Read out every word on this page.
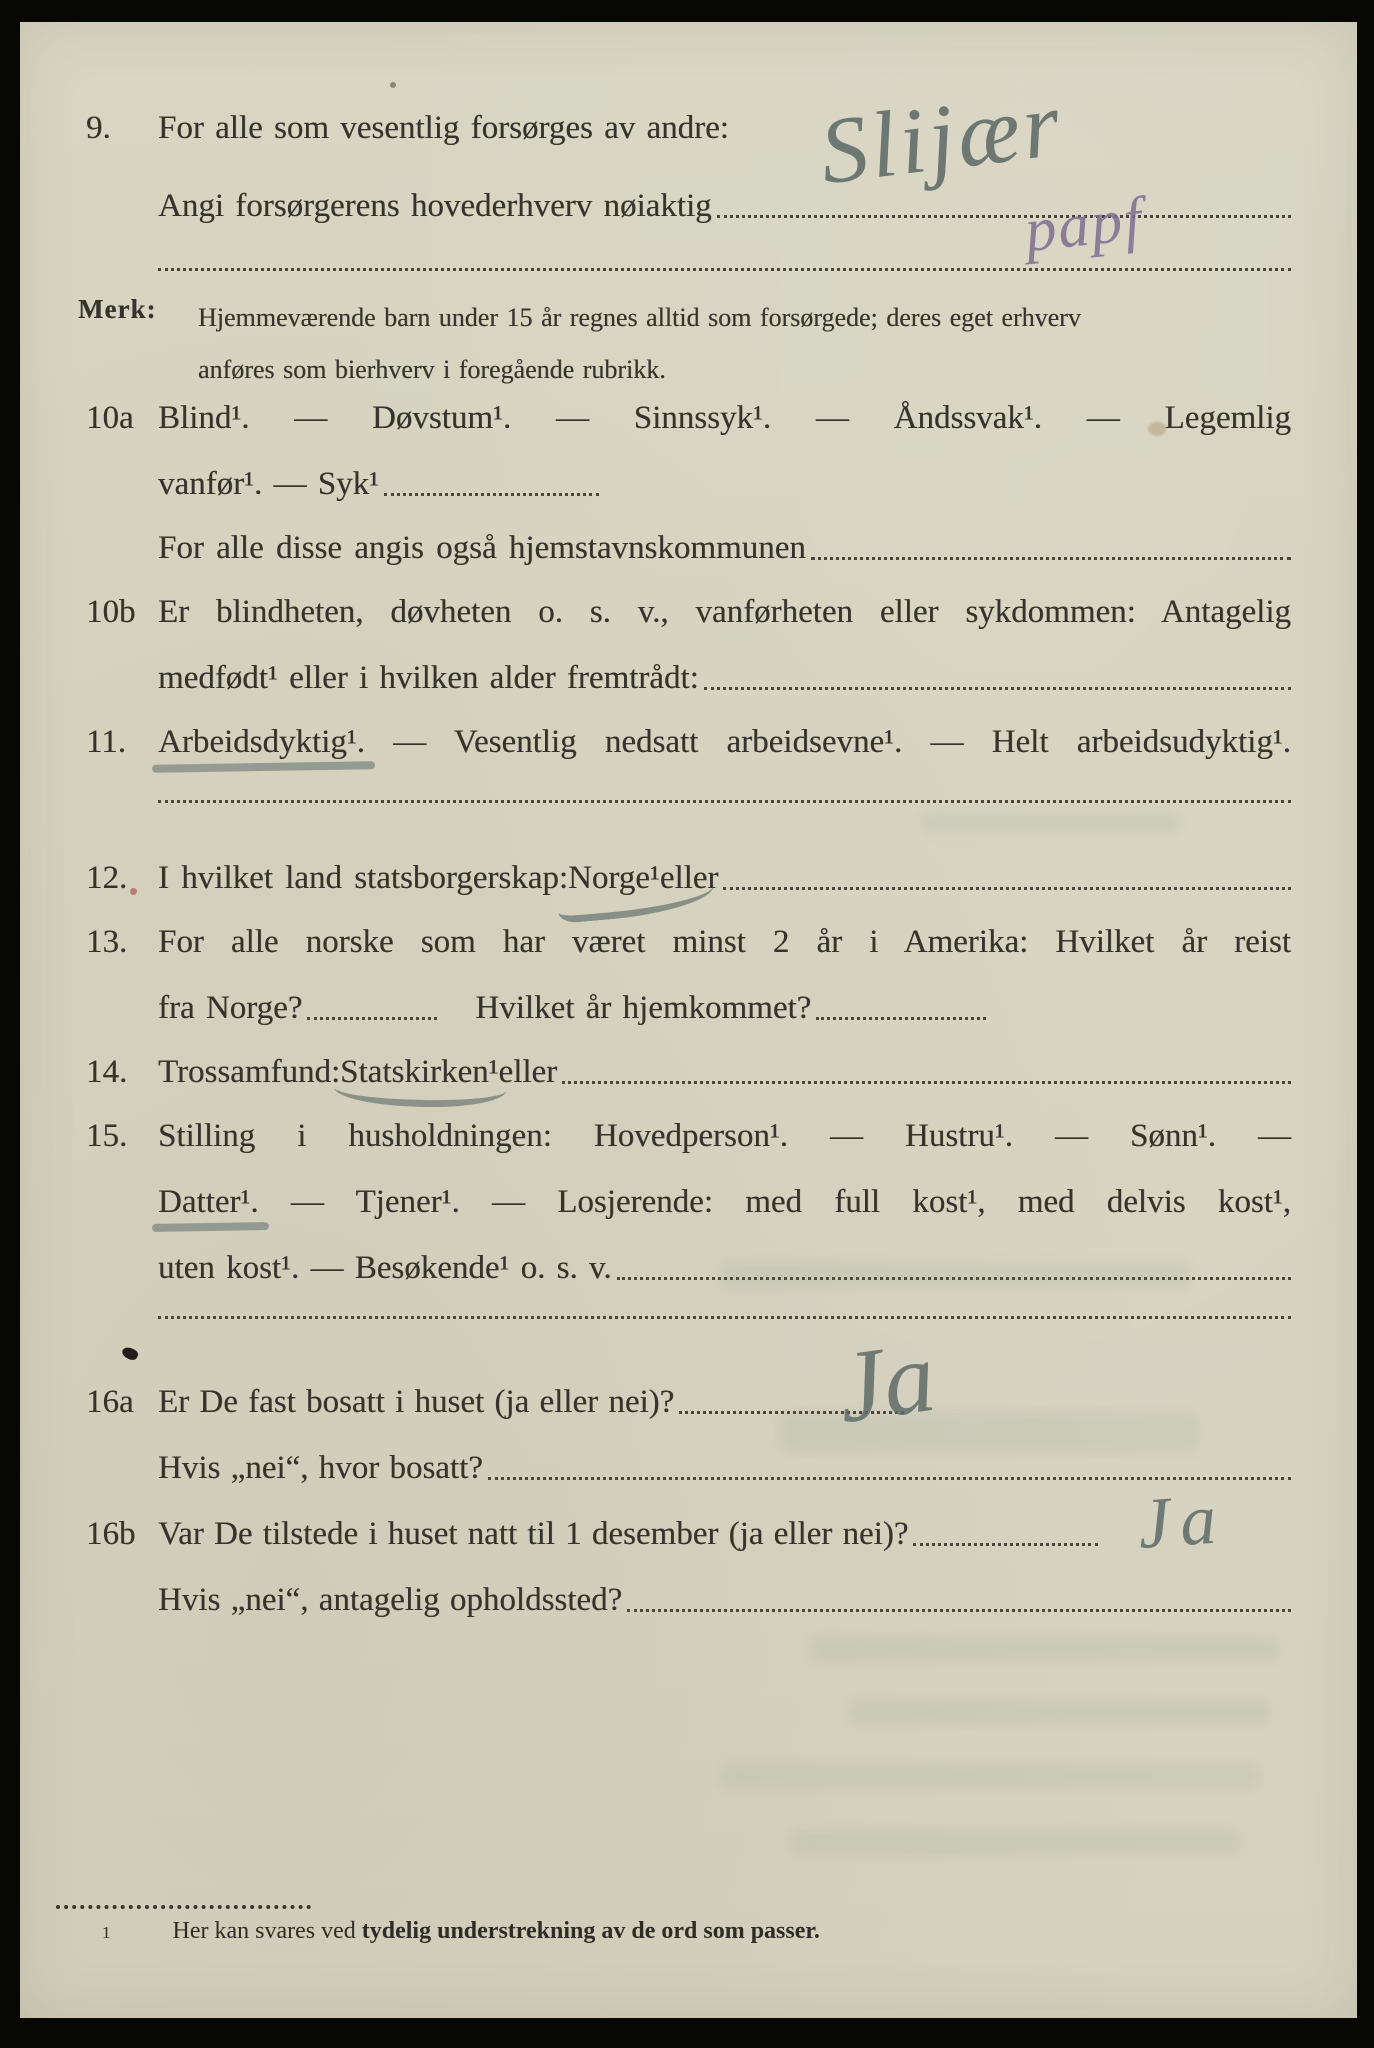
9. For alle som vesentlig forsørges av andre:
Angi forsørgerens hovederhverv nøiaktig
Merk: Hjemmeværende barn under 15 år regnes alltid som forsørgede; deres eget erhverv
anføres som bierhverv i foregående rubrikk.
10a Blind¹. — Døvstum¹. — Sinnssyk¹. — Åndssvak¹. — Legemlig
vanfør¹. — Syk¹
For alle disse angis også hjemstavnskommunen
10b Er blindheten, døvheten o. s. v., vanførheten eller sykdommen: Antagelig
medfødt¹ eller i hvilken alder fremtrådt:
11. Arbeidsdyktig¹. — Vesentlig nedsatt arbeidsevne¹. — Helt arbeidsudyktig¹.
12. I hvilket land statsborgerskap: Norge¹ eller
13. For alle norske som har været minst 2 år i Amerika: Hvilket år reist
fra Norge?	Hvilket år hjemkommet?
14. Trossamfund: Statskirken¹ eller
15. Stilling i husholdningen: Hovedperson¹. — Hustru¹. — Sønn¹. —
Datter¹. — Tjener¹. — Losjerende: med full kost¹, med delvis kost¹,
uten kost¹. — Besøkende¹ o. s. v.
16a Er De fast bosatt i huset (ja eller nei)?
Hvis „nei“, hvor bosatt?
16b Var De tilstede i huset natt til 1 desember (ja eller nei)?
Hvis „nei“, antagelig opholdssted?
1	Her kan svares ved tydelig understrekning av de ord som passer.
Slijær
papf
Ja
Ja
